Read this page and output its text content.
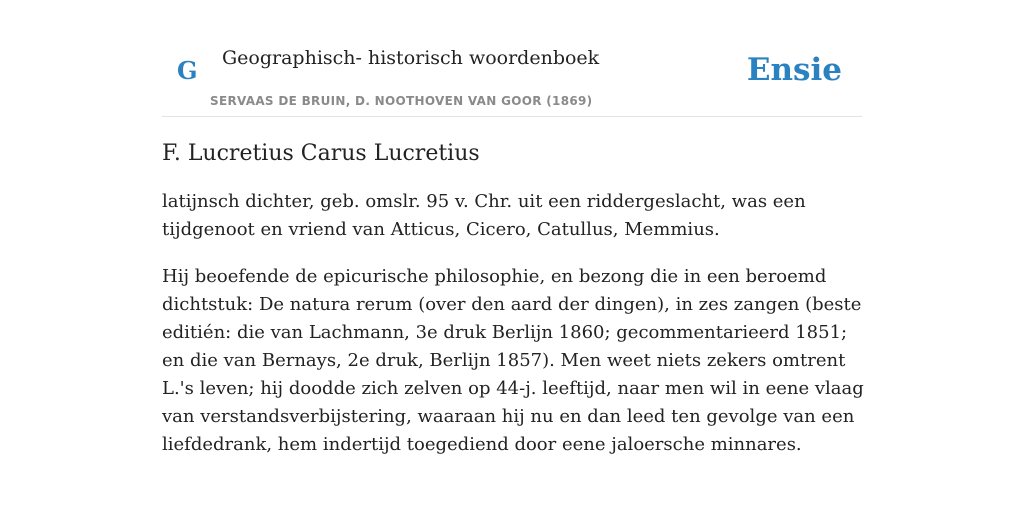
G Geographisch- historisch woordenboek
SERVAAS DE BRUIN, D. NOOTHOVEN VAN GOOR (1869)
Ensie
F. Lucretius Carus Lucretius

latijnsch dichter, geb. omslr. 95 v. Chr. uit een riddergeslacht, was een tijdgenoot en vriend van Atticus, Cicero, Catullus, Memmius.

Hij beoefende de epicurische philosophie, en bezong die in een beroemd dichtstuk: De natura rerum (over den aard der dingen), in zes zangen (beste editién: die van Lachmann, 3e druk Berlijn 1860; gecommentarieerd 1851; en die van Bernays, 2e druk, Berlijn 1857). Men weet niets zekers omtrent L.'s leven; hij doodde zich zelven op 44-j. leeftijd, naar men wil in eene vlaag van verstandsverbijstering, waaraan hij nu en dan leed ten gevolge van een liefdedrank, hem indertijd toegediend door eene jaloersche minnares.
